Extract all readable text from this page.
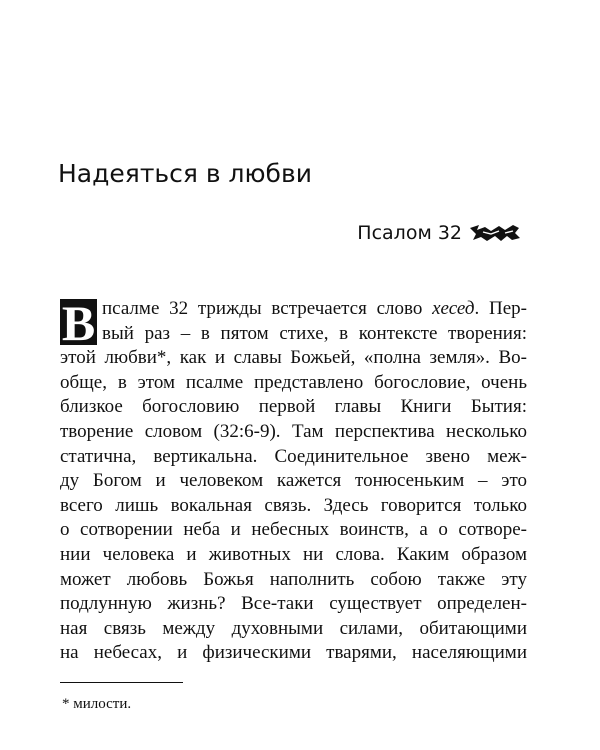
Надеяться в любви
Псалом 32
В псалме 32 трижды встречается слово хесед. Пер-
вый раз – в пятом стихе, в контексте творения:
этой любви*, как и славы Божьей, «полна земля». Во-
обще, в этом псалме представлено богословие, очень
близкое богословию первой главы Книги Бытия:
творение словом (32:6-9). Там перспектива несколько
статична, вертикальна. Соединительное звено меж-
ду Богом и человеком кажется тонюсеньким – это
всего лишь вокальная связь. Здесь говорится только
о сотворении неба и небесных воинств, а о сотворе-
нии человека и животных ни слова. Каким образом
может любовь Божья наполнить собою также эту
подлунную жизнь? Все-таки существует определен-
ная связь между духовными силами, обитающими
на небесах, и физическими тварями, населяющими
* милости.
